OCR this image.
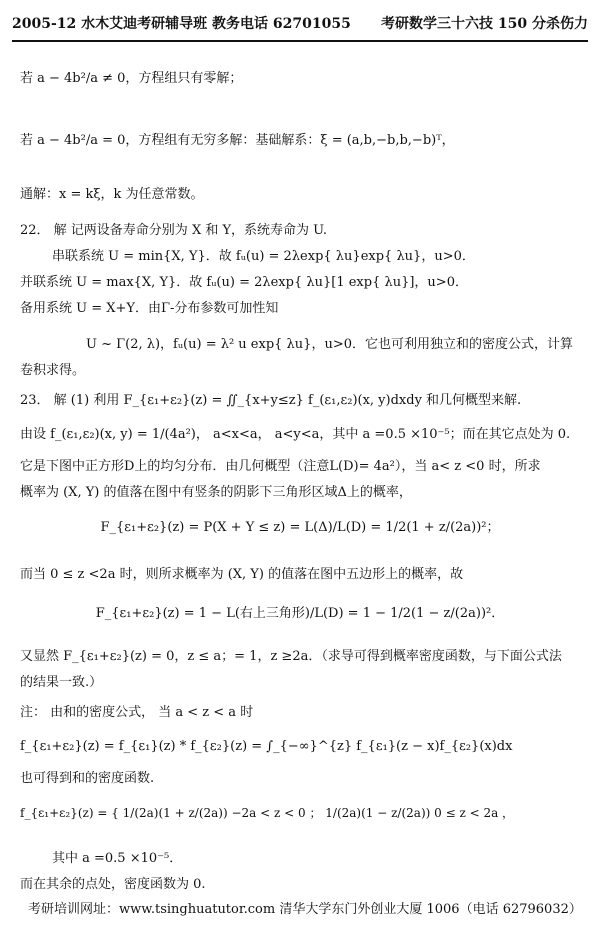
2005-12 水木艾迪考研辅导班 教务电话 62701055 考研数学三十六技 150 分杀伤力
若 a − 4b²/a ≠ 0，方程组只有零解；
若 a − 4b²/a = 0，方程组有无穷多解：基础解系：ξ = (a,b,−b,b,−b)ᵀ，
通解：x = kξ，k 为任意常数。
22． 解 记两设备寿命分别为 X 和 Y，系统寿命为 U.
串联系统 U = min{X, Y}．故 fᵤ(u) = 2λexp{ λu}exp{ λu}，u>0．
并联系统 U = max{X, Y}．故 fᵤ(u) = 2λexp{ λu}[1 exp{ λu}]，u>0．
备用系统 U = X+Y．由Γ-分布参数可加性知
U ~ Γ(2, λ)，fᵤ(u) = λ² u exp{ λu}，u>0．它也可利用独立和的密度公式，计算
卷积求得。
23． 解 (1) 利用 F_{ε₁+ε₂}(z) = ∬_{x+y≤z} f_(ε₁,ε₂)(x, y)dxdy 和几何概型来解.
由设 f_(ε₁,ε₂)(x, y) = 1/(4a²)， a<x<a， a<y<a，其中 a =0.5 ×10⁻⁵；而在其它点处为 0.
它是下图中正方形D上的均匀分布．由几何概型（注意L(D)= 4a²），当 a< z <0 时，所求
概率为 (X, Y) 的值落在图中有竖条的阴影下三角形区域Δ上的概率，
F_{ε₁+ε₂}(z) = P(X + Y ≤ z) = L(Δ)/L(D) = 1/2(1 + z/(2a))²；
而当 0 ≤ z <2a 时，则所求概率为 (X, Y) 的值落在图中五边形上的概率，故
F_{ε₁+ε₂}(z) = 1 − L(右上三角形)/L(D) = 1 − 1/2(1 − z/(2a))²．
又显然 F_{ε₁+ε₂}(z) = 0，z ≤ a；= 1，z ≥2a．（求导可得到概率密度函数，与下面公式法
的结果一致.）
注： 由和的密度公式， 当 a < z < a 时
f_{ε₁+ε₂}(z) = f_{ε₁}(z) * f_{ε₂}(z) = ∫_{−∞}^{z} f_{ε₁}(z − x)f_{ε₂}(x)dx
也可得到和的密度函数.
f_{ε₁+ε₂}(z) = { 1/(2a)(1 + z/(2a)) −2a < z < 0 ； 1/(2a)(1 − z/(2a)) 0 ≤ z < 2a ，
其中 a =0.5 ×10⁻⁵．
而在其余的点处，密度函数为 0.
考研培训网址：www.tsinghuatutor.com 清华大学东门外创业大厦 1006（电话 62796032）
